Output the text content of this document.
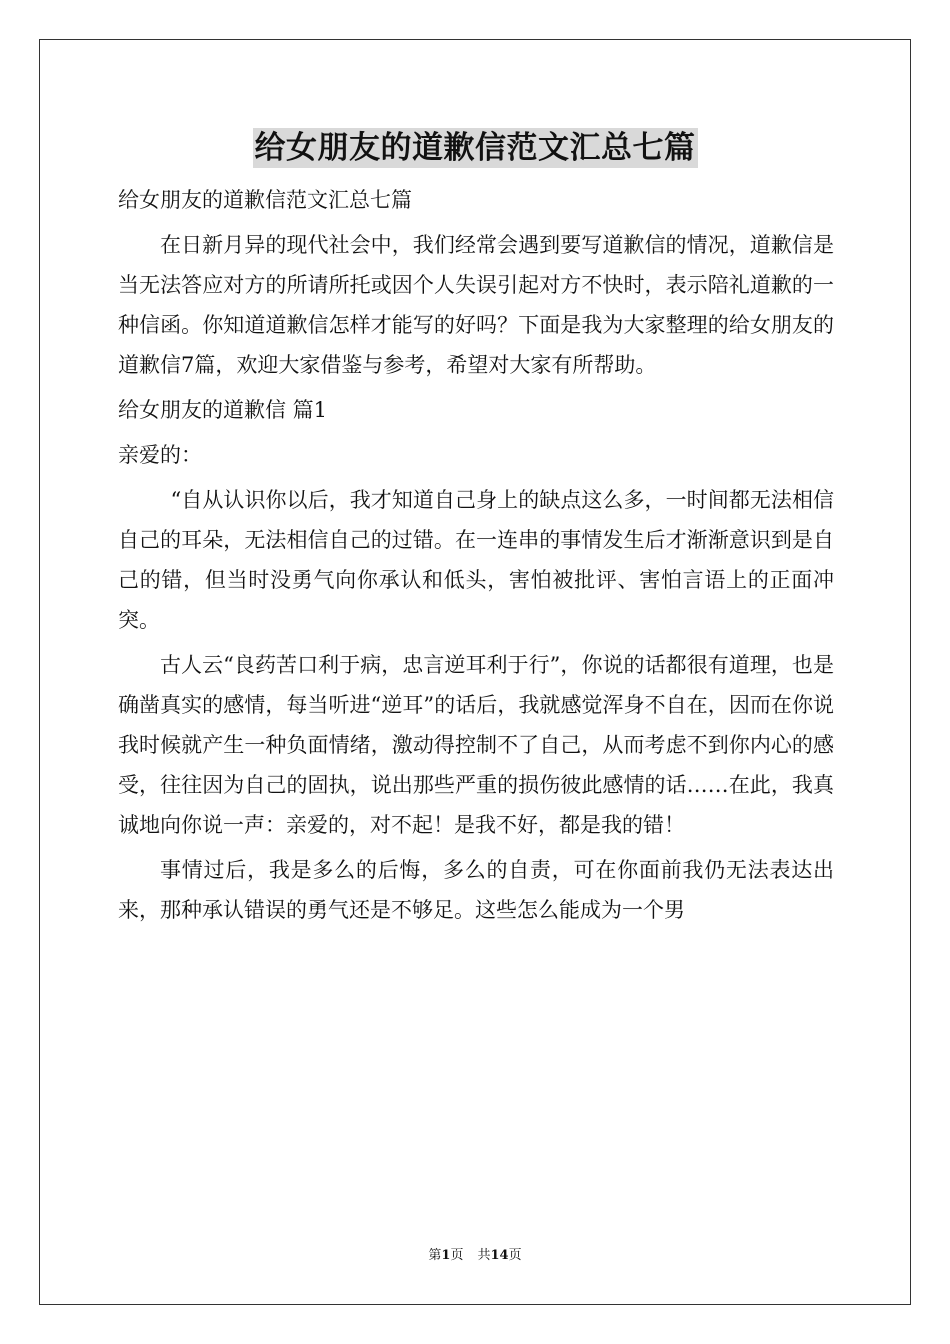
给女朋友的道歉信范文汇总七篇

给女朋友的道歉信范文汇总七篇

在日新月异的现代社会中，我们经常会遇到要写道歉信的情况，道歉信是当无法答应对方的所请所托或因个人失误引起对方不快时，表示陪礼道歉的一种信函。你知道道歉信怎样才能写的好吗？下面是我为大家整理的给女朋友的道歉信7篇，欢迎大家借鉴与参考，希望对大家有所帮助。

给女朋友的道歉信 篇1

亲爱的：

“自从认识你以后，我才知道自己身上的缺点这么多，一时间都无法相信自己的耳朵，无法相信自己的过错。在一连串的事情发生后才渐渐意识到是自己的错，但当时没勇气向你承认和低头，害怕被批评、害怕言语上的正面冲突。

古人云“良药苦口利于病，忠言逆耳利于行”，你说的话都很有道理，也是确凿真实的感情，每当听进“逆耳”的话后，我就感觉浑身不自在，因而在你说我时候就产生一种负面情绪，激动得控制不了自己，从而考虑不到你内心的感受，往往因为自己的固执，说出那些严重的损伤彼此感情的话……在此，我真诚地向你说一声：亲爱的，对不起！是我不好，都是我的错！

事情过后，我是多么的后悔，多么的自责，可在你面前我仍无法表达出来，那种承认错误的勇气还是不够足。这些怎么能成为一个男

第1页 共14页
